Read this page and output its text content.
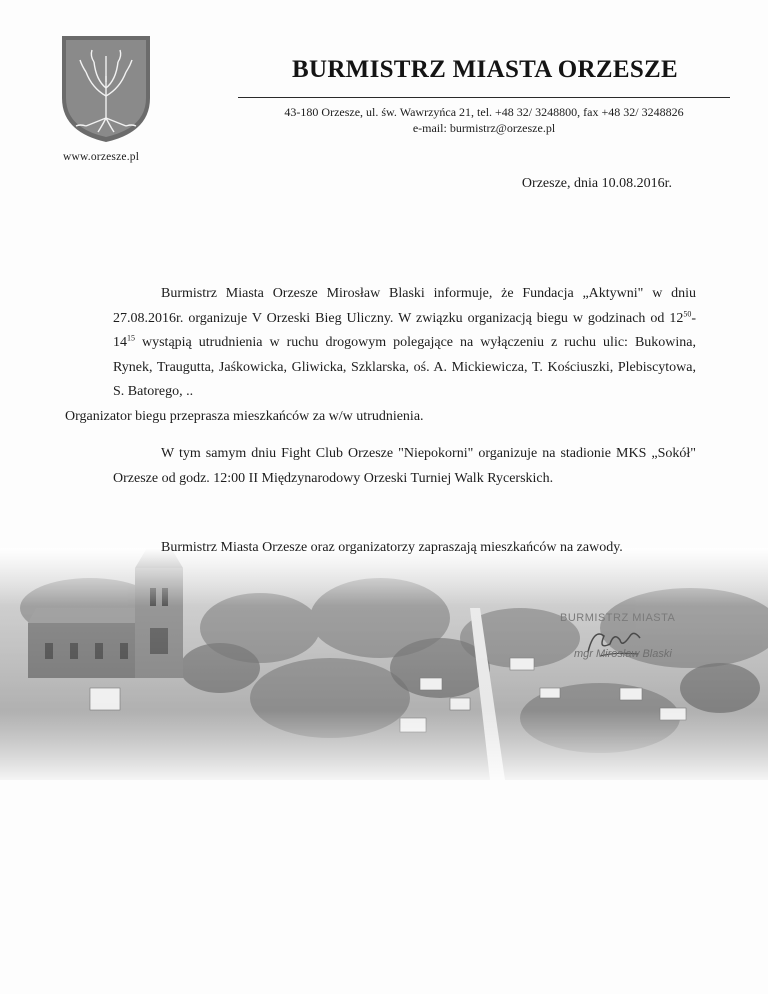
www.orzesze.pl
BURMISTRZ MIASTA ORZESZE
43-180 Orzesze, ul. św. Wawrzyńca 21, tel. +48 32/ 3248800, fax +48 32/ 3248826
e-mail: burmistrz@orzesze.pl
Orzesze, dnia 10.08.2016r.
Burmistrz Miasta Orzesze Mirosław Blaski informuje, że Fundacja „Aktywni" w dniu 27.08.2016r. organizuje V Orzeski Bieg Uliczny. W związku organizacją biegu w godzinach od $12^{50}-14^{15}$ wystąpią utrudnienia w ruchu drogowym polegające na wyłączeniu z ruchu ulic: Bukowina, Rynek, Traugutta, Jaśkowicka, Gliwicka, Szklarska, oś. A. Mickiewicza, T. Kościuszki, Plebiscytowa, S. Batorego, ..
Organizator biegu przeprasza mieszkańców za w/w utrudnienia.
W tym samym dniu Fight Club Orzesze "Niepokorni" organizuje na stadionie MKS „Sokół" Orzesze od godz. 12:00 II Międzynarodowy Orzeski Turniej Walk Rycerskich.
Burmistrz Miasta Orzesze oraz organizatorzy zapraszają mieszkańców na zawody.
BURMISTRZ MIASTA
mgr Mirosław Blaski
